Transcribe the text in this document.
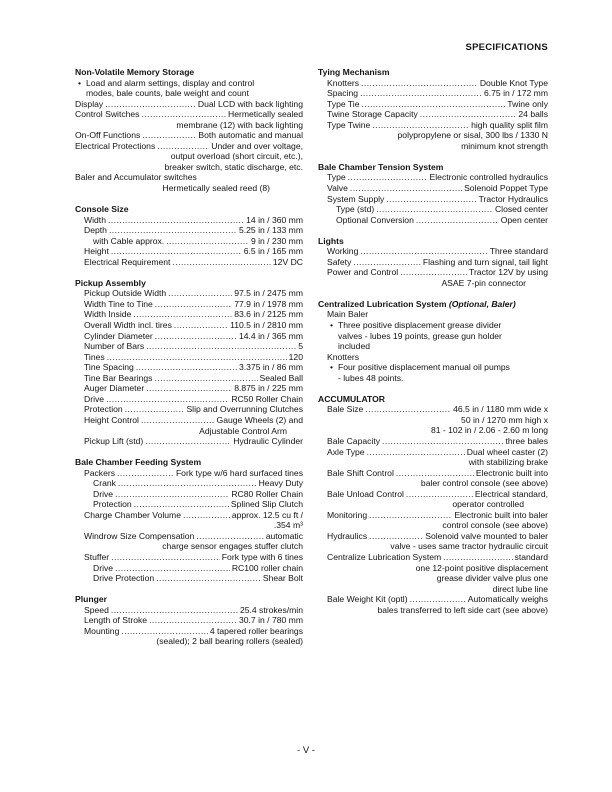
SPECIFICATIONS
Non-Volatile Memory Storage
• Load and alarm settings, display and control
modes, bale counts, bale weight and count
Display .....	Dual LCD with back lighting
Control Switches .....	Hermetically sealed
membrane (12) with back lighting
On-Off Functions .....	Both automatic and manual
Electrical Protections .....	Under and over voltage,
output overload (short circuit, etc.),
breaker switch, static discharge, etc.
Baler and Accumulator switches
Hermetically sealed reed (8)
Console Size
Width .....	14 in / 360 mm
Depth .....	5.25 in / 133 mm
with Cable approx. .....	9 in / 230 mm
Height .....	6.5 in / 165 mm
Electrical Requirement .....	12V DC
Pickup Assembly
Pickup Outside Width .....	97.5 in / 2475 mm
Width Tine to Tine .....	77.9 in / 1978 mm
Width Inside .....	83.6 in / 2125 mm
Overall Width incl. tires .....	110.5 in / 2810 mm
Cylinder Diameter .....	14.4 in / 365 mm
Number of Bars .....	5
Tines .....	120
Tine Spacing .....	3.375 in / 86 mm
Tine Bar Bearings .....	Sealed Ball
Auger Diameter .....	8.875 in / 225 mm
Drive .....	RC50 Roller Chain
Protection .....	Slip and Overrunning Clutches
Height Control .....	Gauge Wheels (2) and
Adjustable Control Arm
Pickup Lift (std) .....	Hydraulic Cylinder
Bale Chamber Feeding System
Packers .....	Fork type w/6 hard surfaced tines
Crank .....	Heavy Duty
Drive .....	RC80 Roller Chain
Protection .....	Splined Slip Clutch
Charge Chamber Volume .....	approx. 12.5 cu ft /
.354 m³
Windrow Size Compensation .....	automatic
charge sensor engages stuffer clutch
Stuffer .....	Fork type with 6 tines
Drive .....	RC100 roller chain
Drive Protection .....	Shear Bolt
Plunger
Speed .....	25.4 strokes/min
Length of Stroke .....	30.7 in / 780 mm
Mounting .....	4 tapered roller bearings
(sealed); 2 ball bearing rollers (sealed)
Tying Mechanism
Knotters .....	Double Knot Type
Spacing .....	6.75 in / 172 mm
Type Tie .....	Twine only
Twine Storage Capacity .....	24 balls
Type Twine .....	high quality split film
polypropylene or sisal, 300 lbs / 1330 N
minimum knot strength
Bale Chamber Tension System
Type .....	Electronic controlled hydraulics
Valve .....	Solenoid Poppet Type
System Supply .....	Tractor Hydraulics
Type (std) .....	Closed center
Optional Conversion .....	Open center
Lights
Working .....	Three standard
Safety .....	Flashing and turn signal, tail light
Power and Control .....	Tractor 12V by using
ASAE 7-pin connector
Centralized Lubrication System (Optional, Baler)
Main Baler
• Three positive displacement grease divider
valves - lubes 19 points, grease gun holder
included
Knotters
• Four positive displacement manual oil pumps
- lubes 48 points.
ACCUMULATOR
Bale Size .....	46.5 in / 1180 mm wide x
50 in / 1270 mm high x
81 - 102 in / 2.06 - 2.60 m long
Bale Capacity .....	three bales
Axle Type .....	Dual wheel caster (2)
with stabilizing brake
Bale Shift Control .....	Electronic built into
baler control console (see above)
Bale Unload Control .....	Electrical standard,
operator controlled
Monitoring .....	Electronic built into baler
control console (see above)
Hydraulics .....	Solenoid valve mounted to baler
valve - uses same tractor hydraulic circuit
Centralize Lubrication System .....	standard
one 12-point positive displacement
grease divider valve plus one
direct lube line
Bale Weight Kit (optl) .....	Automatically weighs
bales transferred to left side cart (see above)
- V -
